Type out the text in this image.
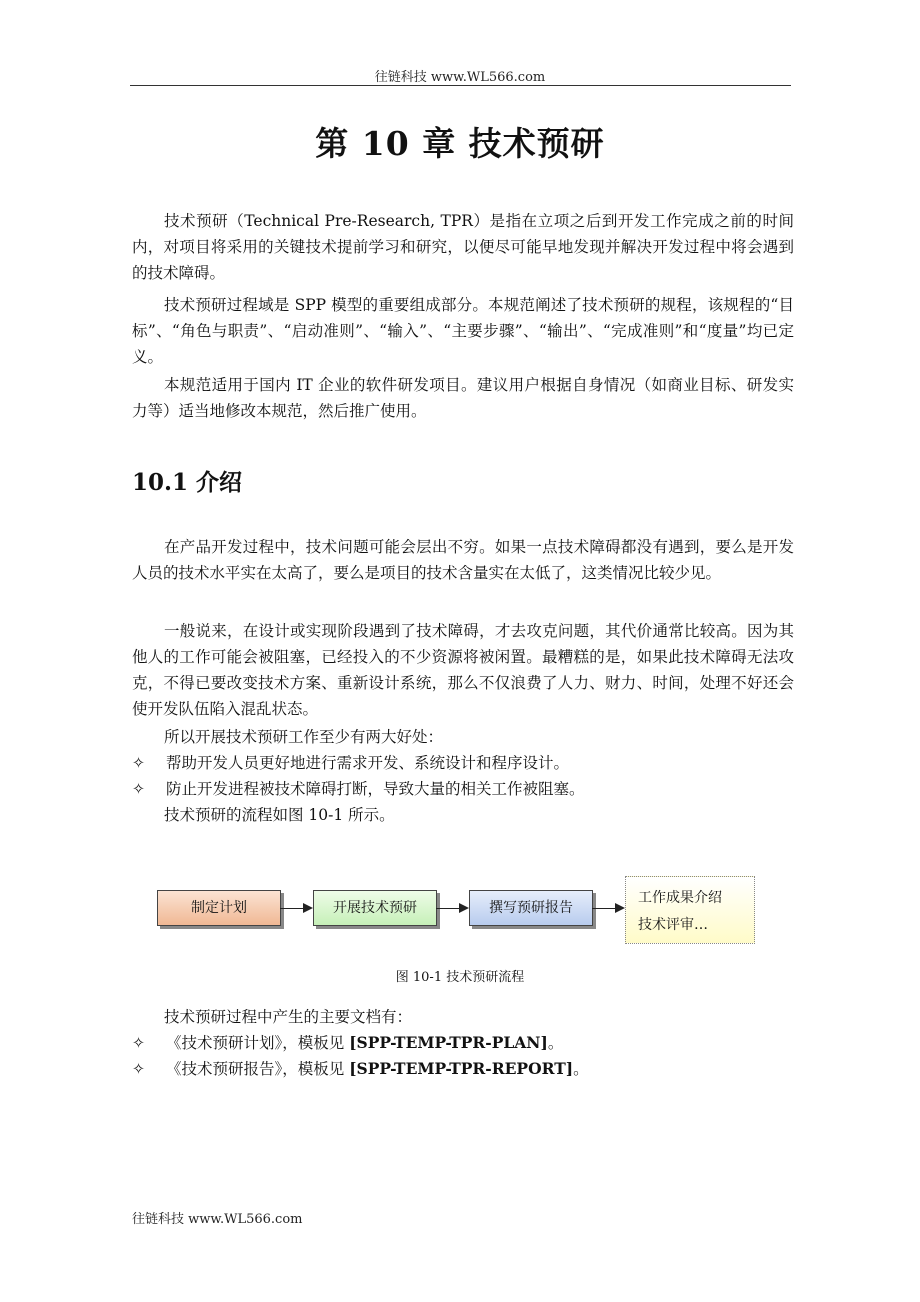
往链科技 www.WL566.com
第 10 章 技术预研

技术预研（Technical Pre-Research, TPR）是指在立项之后到开发工作完成之前的时间内，对项目将采用的关键技术提前学习和研究，以便尽可能早地发现并解决开发过程中将会遇到的技术障碍。

技术预研过程域是 SPP 模型的重要组成部分。本规范阐述了技术预研的规程，该规程的“目标”、“角色与职责”、“启动准则”、“输入”、“主要步骤”、“输出”、“完成准则”和“度量”均已定义。

本规范适用于国内 IT 企业的软件研发项目。建议用户根据自身情况（如商业目标、研发实力等）适当地修改本规范，然后推广使用。

10.1 介绍

在产品开发过程中，技术问题可能会层出不穷。如果一点技术障碍都没有遇到，要么是开发人员的技术水平实在太高了，要么是项目的技术含量实在太低了，这类情况比较少见。

一般说来，在设计或实现阶段遇到了技术障碍，才去攻克问题，其代价通常比较高。因为其他人的工作可能会被阻塞，已经投入的不少资源将被闲置。最糟糕的是，如果此技术障碍无法攻克，不得已要改变技术方案、重新设计系统，那么不仅浪费了人力、财力、时间，处理不好还会使开发队伍陷入混乱状态。

所以开展技术预研工作至少有两大好处：

✧	帮助开发人员更好地进行需求开发、系统设计和程序设计。
✧	防止开发进程被技术障碍打断，导致大量的相关工作被阻塞。

技术预研的流程如图 10-1 所示。

制定计划	开展技术预研	撰写预研报告
工作成果介绍
技术评审…
图 10-1 技术预研流程

技术预研过程中产生的主要文档有：

✧	《技术预研计划》，模板见 [SPP-TEMP-TPR-PLAN]。
✧	《技术预研报告》，模板见 [SPP-TEMP-TPR-REPORT]。
往链科技 www.WL566.com
